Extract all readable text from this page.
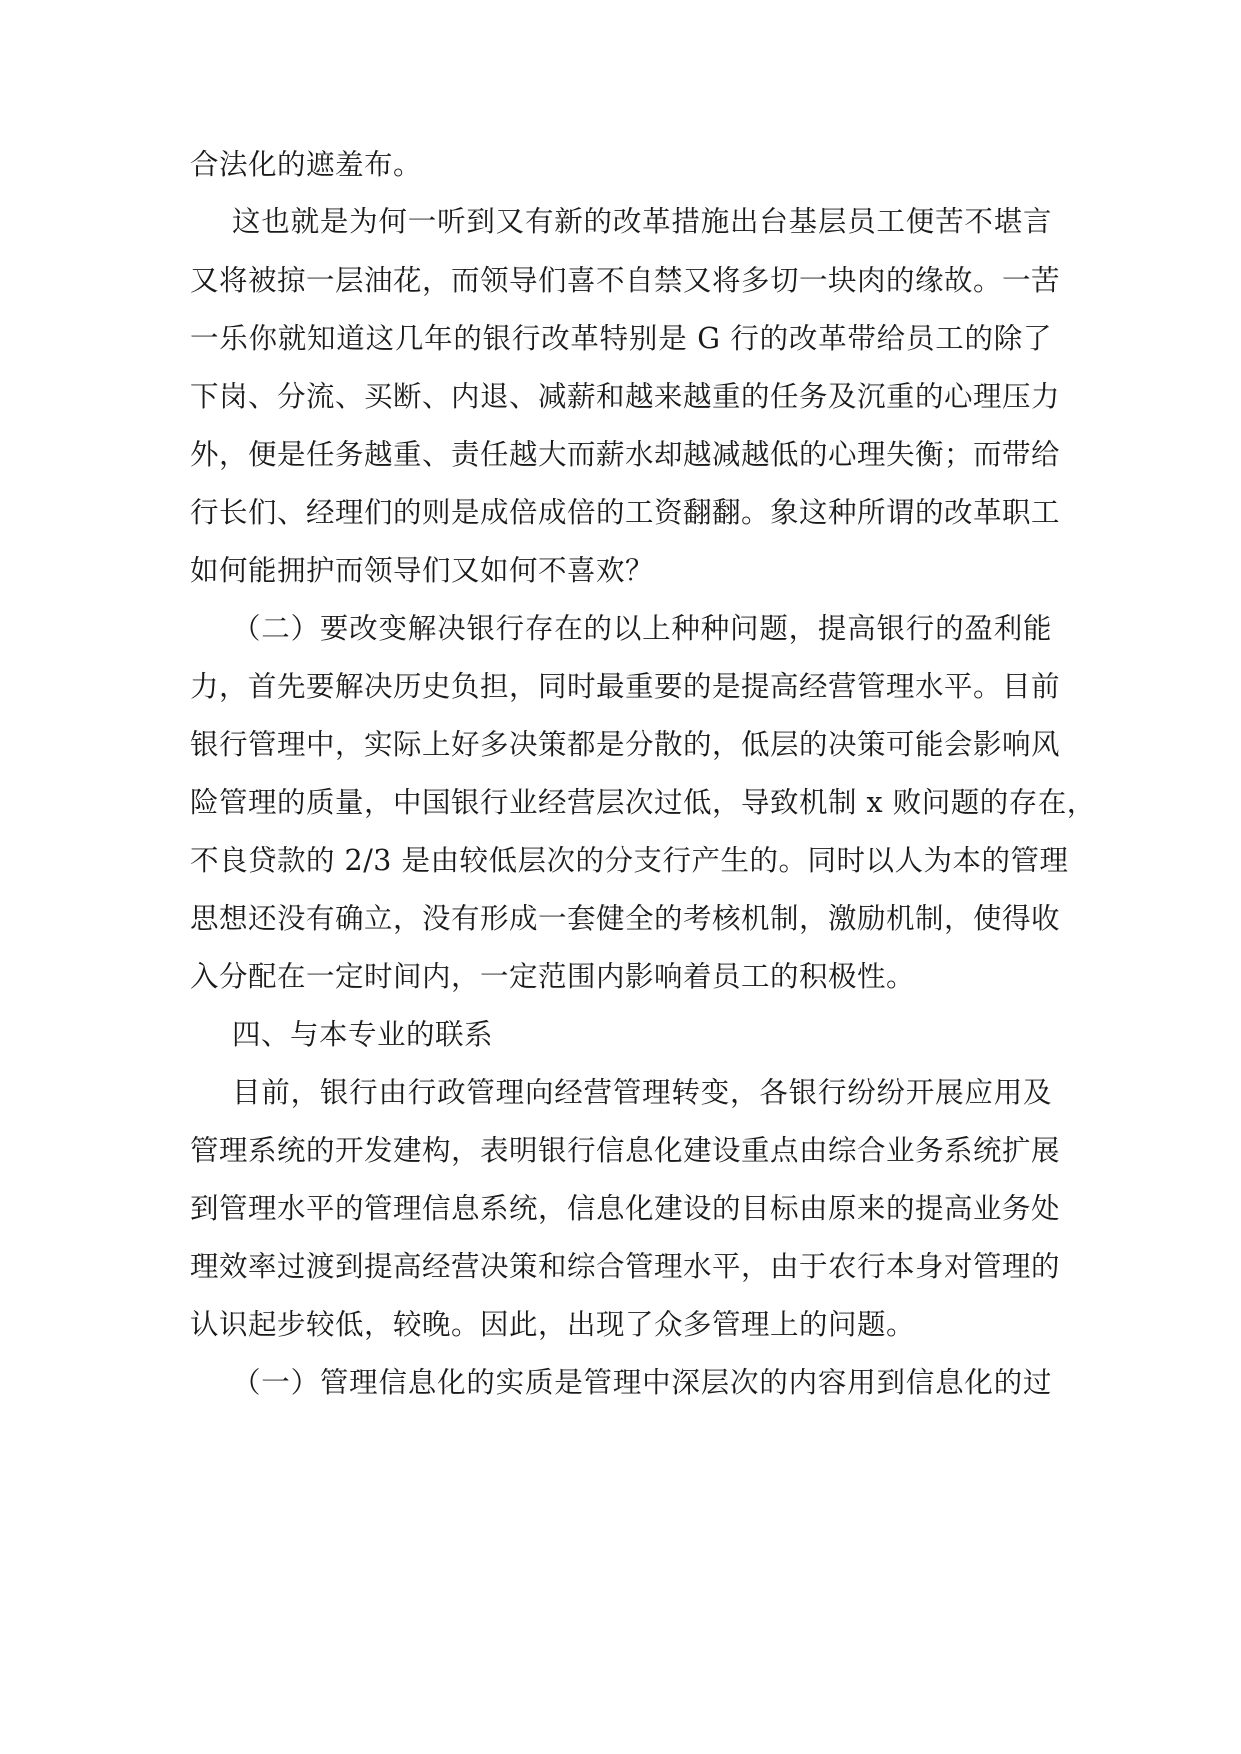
合法化的遮羞布。
这也就是为何一听到又有新的改革措施出台基层员工便苦不堪言
又将被掠一层油花，而领导们喜不自禁又将多切一块肉的缘故。一苦
一乐你就知道这几年的银行改革特别是 G 行的改革带给员工的除了
下岗、分流、买断、内退、减薪和越来越重的任务及沉重的心理压力
外，便是任务越重、责任越大而薪水却越减越低的心理失衡；而带给
行长们、经理们的则是成倍成倍的工资翻翻。象这种所谓的改革职工
如何能拥护而领导们又如何不喜欢？
（二）要改变解决银行存在的以上种种问题，提高银行的盈利能
力，首先要解决历史负担，同时最重要的是提高经营管理水平。目前
银行管理中，实际上好多决策都是分散的，低层的决策可能会影响风
险管理的质量，中国银行业经营层次过低，导致机制 x 败问题的存在，
不良贷款的 2/3 是由较低层次的分支行产生的。同时以人为本的管理
思想还没有确立，没有形成一套健全的考核机制，激励机制，使得收
入分配在一定时间内，一定范围内影响着员工的积极性。
四、与本专业的联系
目前，银行由行政管理向经营管理转变，各银行纷纷开展应用及
管理系统的开发建构，表明银行信息化建设重点由综合业务系统扩展
到管理水平的管理信息系统，信息化建设的目标由原来的提高业务处
理效率过渡到提高经营决策和综合管理水平，由于农行本身对管理的
认识起步较低，较晚。因此，出现了众多管理上的问题。
（一）管理信息化的实质是管理中深层次的内容用到信息化的过
